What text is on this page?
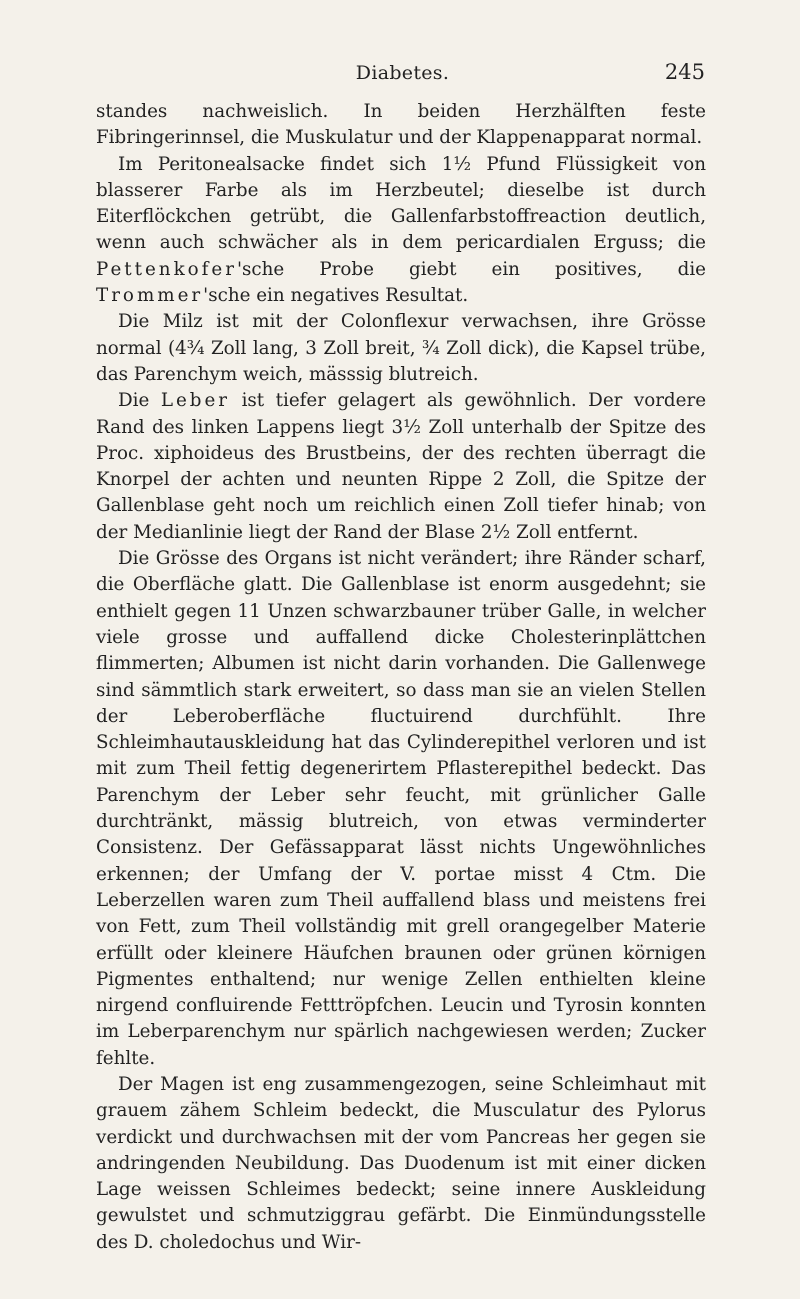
Diabetes.	245

standes nachweislich. In beiden Herzhälften feste Fibringerinnsel, die Muskulatur und der Klappenapparat normal.

Im Peritonealsacke findet sich 1½ Pfund Flüssigkeit von blasserer Farbe als im Herzbeutel; dieselbe ist durch Eiterflöckchen getrübt, die Gallenfarbstoffreaction deutlich, wenn auch schwächer als in dem pericardialen Erguss; die Pettenkofer'sche Probe giebt ein positives, die Trommer'sche ein negatives Resultat.

Die Milz ist mit der Colonflexur verwachsen, ihre Grösse normal (4¾ Zoll lang, 3 Zoll breit, ¾ Zoll dick), die Kapsel trübe, das Parenchym weich, mässsig blutreich.

Die Leber ist tiefer gelagert als gewöhnlich. Der vordere Rand des linken Lappens liegt 3½ Zoll unterhalb der Spitze des Proc. xiphoideus des Brustbeins, der des rechten überragt die Knorpel der achten und neunten Rippe 2 Zoll, die Spitze der Gallenblase geht noch um reichlich einen Zoll tiefer hinab; von der Medianlinie liegt der Rand der Blase 2½ Zoll entfernt.

Die Grösse des Organs ist nicht verändert; ihre Ränder scharf, die Oberfläche glatt. Die Gallenblase ist enorm ausgedehnt; sie enthielt gegen 11 Unzen schwarzbauner trüber Galle, in welcher viele grosse und auffallend dicke Cholesterinplättchen flimmerten; Albumen ist nicht darin vorhanden. Die Gallenwege sind sämmtlich stark erweitert, so dass man sie an vielen Stellen der Leberoberfläche fluctuirend durchfühlt. Ihre Schleimhautauskleidung hat das Cylinderepithel verloren und ist mit zum Theil fettig degenerirtem Pflasterepithel bedeckt. Das Parenchym der Leber sehr feucht, mit grünlicher Galle durchtränkt, mässig blutreich, von etwas verminderter Consistenz. Der Gefässapparat lässt nichts Ungewöhnliches erkennen; der Umfang der V. portae misst 4 Ctm. Die Leberzellen waren zum Theil auffallend blass und meistens frei von Fett, zum Theil vollständig mit grell orangegelber Materie erfüllt oder kleinere Häufchen braunen oder grünen körnigen Pigmentes enthaltend; nur wenige Zellen enthielten kleine nirgend confluirende Fetttröpfchen. Leucin und Tyrosin konnten im Leberparenchym nur spärlich nachgewiesen werden; Zucker fehlte.

Der Magen ist eng zusammengezogen, seine Schleimhaut mit grauem zähem Schleim bedeckt, die Musculatur des Pylorus verdickt und durchwachsen mit der vom Pancreas her gegen sie andringenden Neubildung. Das Duodenum ist mit einer dicken Lage weissen Schleimes bedeckt; seine innere Auskleidung gewulstet und schmutziggrau gefärbt. Die Einmündungsstelle des D. choledochus und Wir-
